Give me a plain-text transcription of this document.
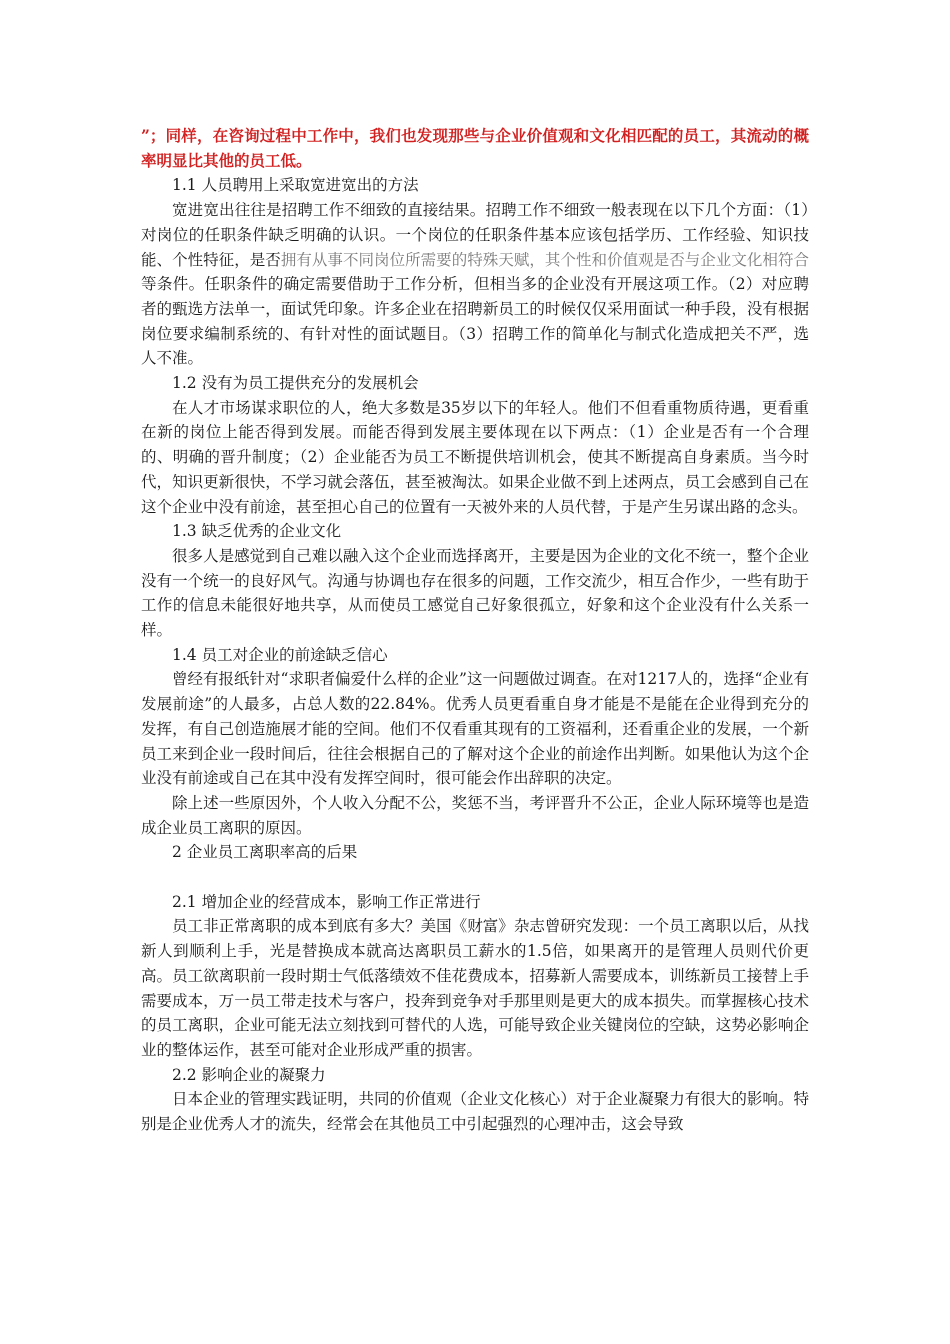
”；同样，在咨询过程中工作中，我们也发现那些与企业价值观和文化相匹配的员工，其流动的概率明显比其他的员工低。

1.1 人员聘用上采取宽进宽出的方法

宽进宽出往往是招聘工作不细致的直接结果。招聘工作不细致一般表现在以下几个方面：（1）对岗位的任职条件缺乏明确的认识。一个岗位的任职条件基本应该包括学历、工作经验、知识技能、个性特征，是否拥有从事不同岗位所需要的特殊天赋，其个性和价值观是否与企业文化相符合等条件。任职条件的确定需要借助于工作分析，但相当多的企业没有开展这项工作。（2）对应聘者的甄选方法单一，面试凭印象。许多企业在招聘新员工的时候仅仅采用面试一种手段，没有根据岗位要求编制系统的、有针对性的面试题目。（3）招聘工作的简单化与制式化造成把关不严，选人不准。

1.2 没有为员工提供充分的发展机会

在人才市场谋求职位的人，绝大多数是35岁以下的年轻人。他们不但看重物质待遇，更看重在新的岗位上能否得到发展。而能否得到发展主要体现在以下两点：（1）企业是否有一个合理的、明确的晋升制度；（2）企业能否为员工不断提供培训机会，使其不断提高自身素质。当今时代，知识更新很快，不学习就会落伍，甚至被淘汰。如果企业做不到上述两点，员工会感到自己在这个企业中没有前途，甚至担心自己的位置有一天被外来的人员代替，于是产生另谋出路的念头。

1.3 缺乏优秀的企业文化

很多人是感觉到自己难以融入这个企业而选择离开，主要是因为企业的文化不统一，整个企业没有一个统一的良好风气。沟通与协调也存在很多的问题，工作交流少，相互合作少，一些有助于工作的信息未能很好地共享，从而使员工感觉自己好象很孤立，好象和这个企业没有什么关系一样。

1.4 员工对企业的前途缺乏信心

曾经有报纸针对“求职者偏爱什么样的企业”这一问题做过调查。在对1217人的，选择“企业有发展前途”的人最多，占总人数的22.84%。优秀人员更看重自身才能是不是能在企业得到充分的发挥，有自己创造施展才能的空间。他们不仅看重其现有的工资福利，还看重企业的发展，一个新员工来到企业一段时间后，往往会根据自己的了解对这个企业的前途作出判断。如果他认为这个企业没有前途或自己在其中没有发挥空间时，很可能会作出辞职的决定。

除上述一些原因外，个人收入分配不公，奖惩不当，考评晋升不公正，企业人际环境等也是造成企业员工离职的原因。

2 企业员工离职率高的后果

2.1 增加企业的经营成本，影响工作正常进行

员工非正常离职的成本到底有多大？美国《财富》杂志曾研究发现：一个员工离职以后，从找新人到顺利上手，光是替换成本就高达离职员工薪水的1.5倍，如果离开的是管理人员则代价更高。员工欲离职前一段时期士气低落绩效不佳花费成本，招募新人需要成本，训练新员工接替上手需要成本，万一员工带走技术与客户，投奔到竞争对手那里则是更大的成本损失。而掌握核心技术的员工离职，企业可能无法立刻找到可替代的人选，可能导致企业关键岗位的空缺，这势必影响企业的整体运作，甚至可能对企业形成严重的损害。

2.2 影响企业的凝聚力

日本企业的管理实践证明，共同的价值观（企业文化核心）对于企业凝聚力有很大的影响。特别是企业优秀人才的流失，经常会在其他员工中引起强烈的心理冲击，这会导致
